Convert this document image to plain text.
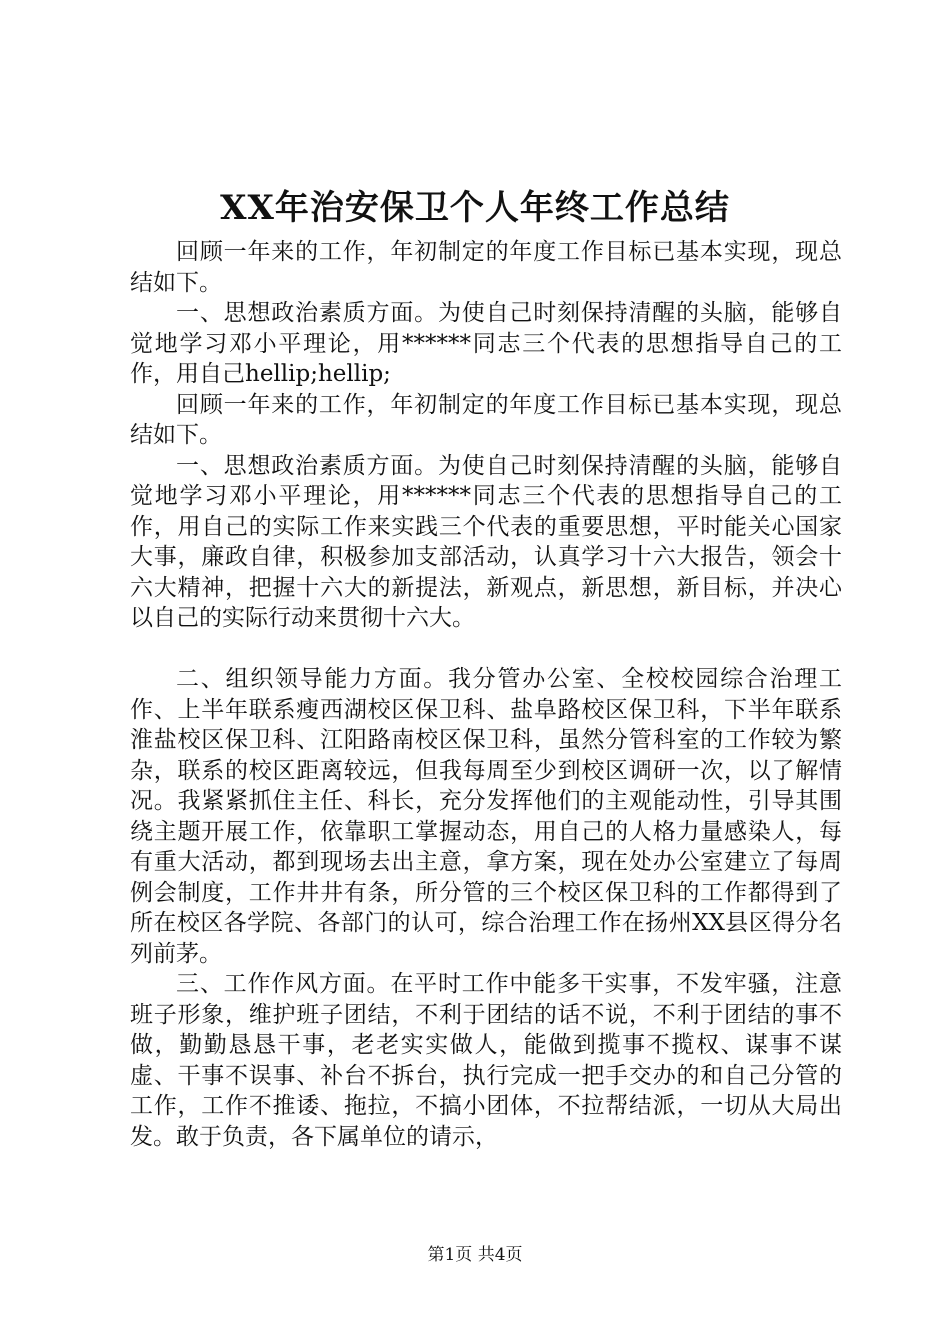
XX年治安保卫个人年终工作总结

回顾一年来的工作，年初制定的年度工作目标已基本实现，现总结如下。

一、思想政治素质方面。为使自己时刻保持清醒的头脑，能够自觉地学习邓小平理论，用******同志三个代表的思想指导自己的工作，用自己hellip;hellip;

回顾一年来的工作，年初制定的年度工作目标已基本实现，现总结如下。

一、思想政治素质方面。为使自己时刻保持清醒的头脑，能够自觉地学习邓小平理论，用******同志三个代表的思想指导自己的工作，用自己的实际工作来实践三个代表的重要思想，平时能关心国家大事，廉政自律，积极参加支部活动，认真学习十六大报告，领会十六大精神，把握十六大的新提法，新观点，新思想，新目标，并决心以自己的实际行动来贯彻十六大。

二、组织领导能力方面。我分管办公室、全校校园综合治理工作、上半年联系瘦西湖校区保卫科、盐阜路校区保卫科，下半年联系淮盐校区保卫科、江阳路南校区保卫科，虽然分管科室的工作较为繁杂，联系的校区距离较远，但我每周至少到校区调研一次，以了解情况。我紧紧抓住主任、科长，充分发挥他们的主观能动性，引导其围绕主题开展工作，依靠职工掌握动态，用自己的人格力量感染人，每有重大活动，都到现场去出主意，拿方案，现在处办公室建立了每周例会制度，工作井井有条，所分管的三个校区保卫科的工作都得到了所在校区各学院、各部门的认可，综合治理工作在扬州XX县区得分名列前茅。

三、工作作风方面。在平时工作中能多干实事，不发牢骚，注意班子形象，维护班子团结，不利于团结的话不说，不利于团结的事不做，勤勤恳恳干事，老老实实做人，能做到揽事不揽权、谋事不谋虚、干事不误事、补台不拆台，执行完成一把手交办的和自己分管的工作，工作不推诿、拖拉，不搞小团体，不拉帮结派，一切从大局出发。敢于负责，各下属单位的请示，

第1页 共4页
